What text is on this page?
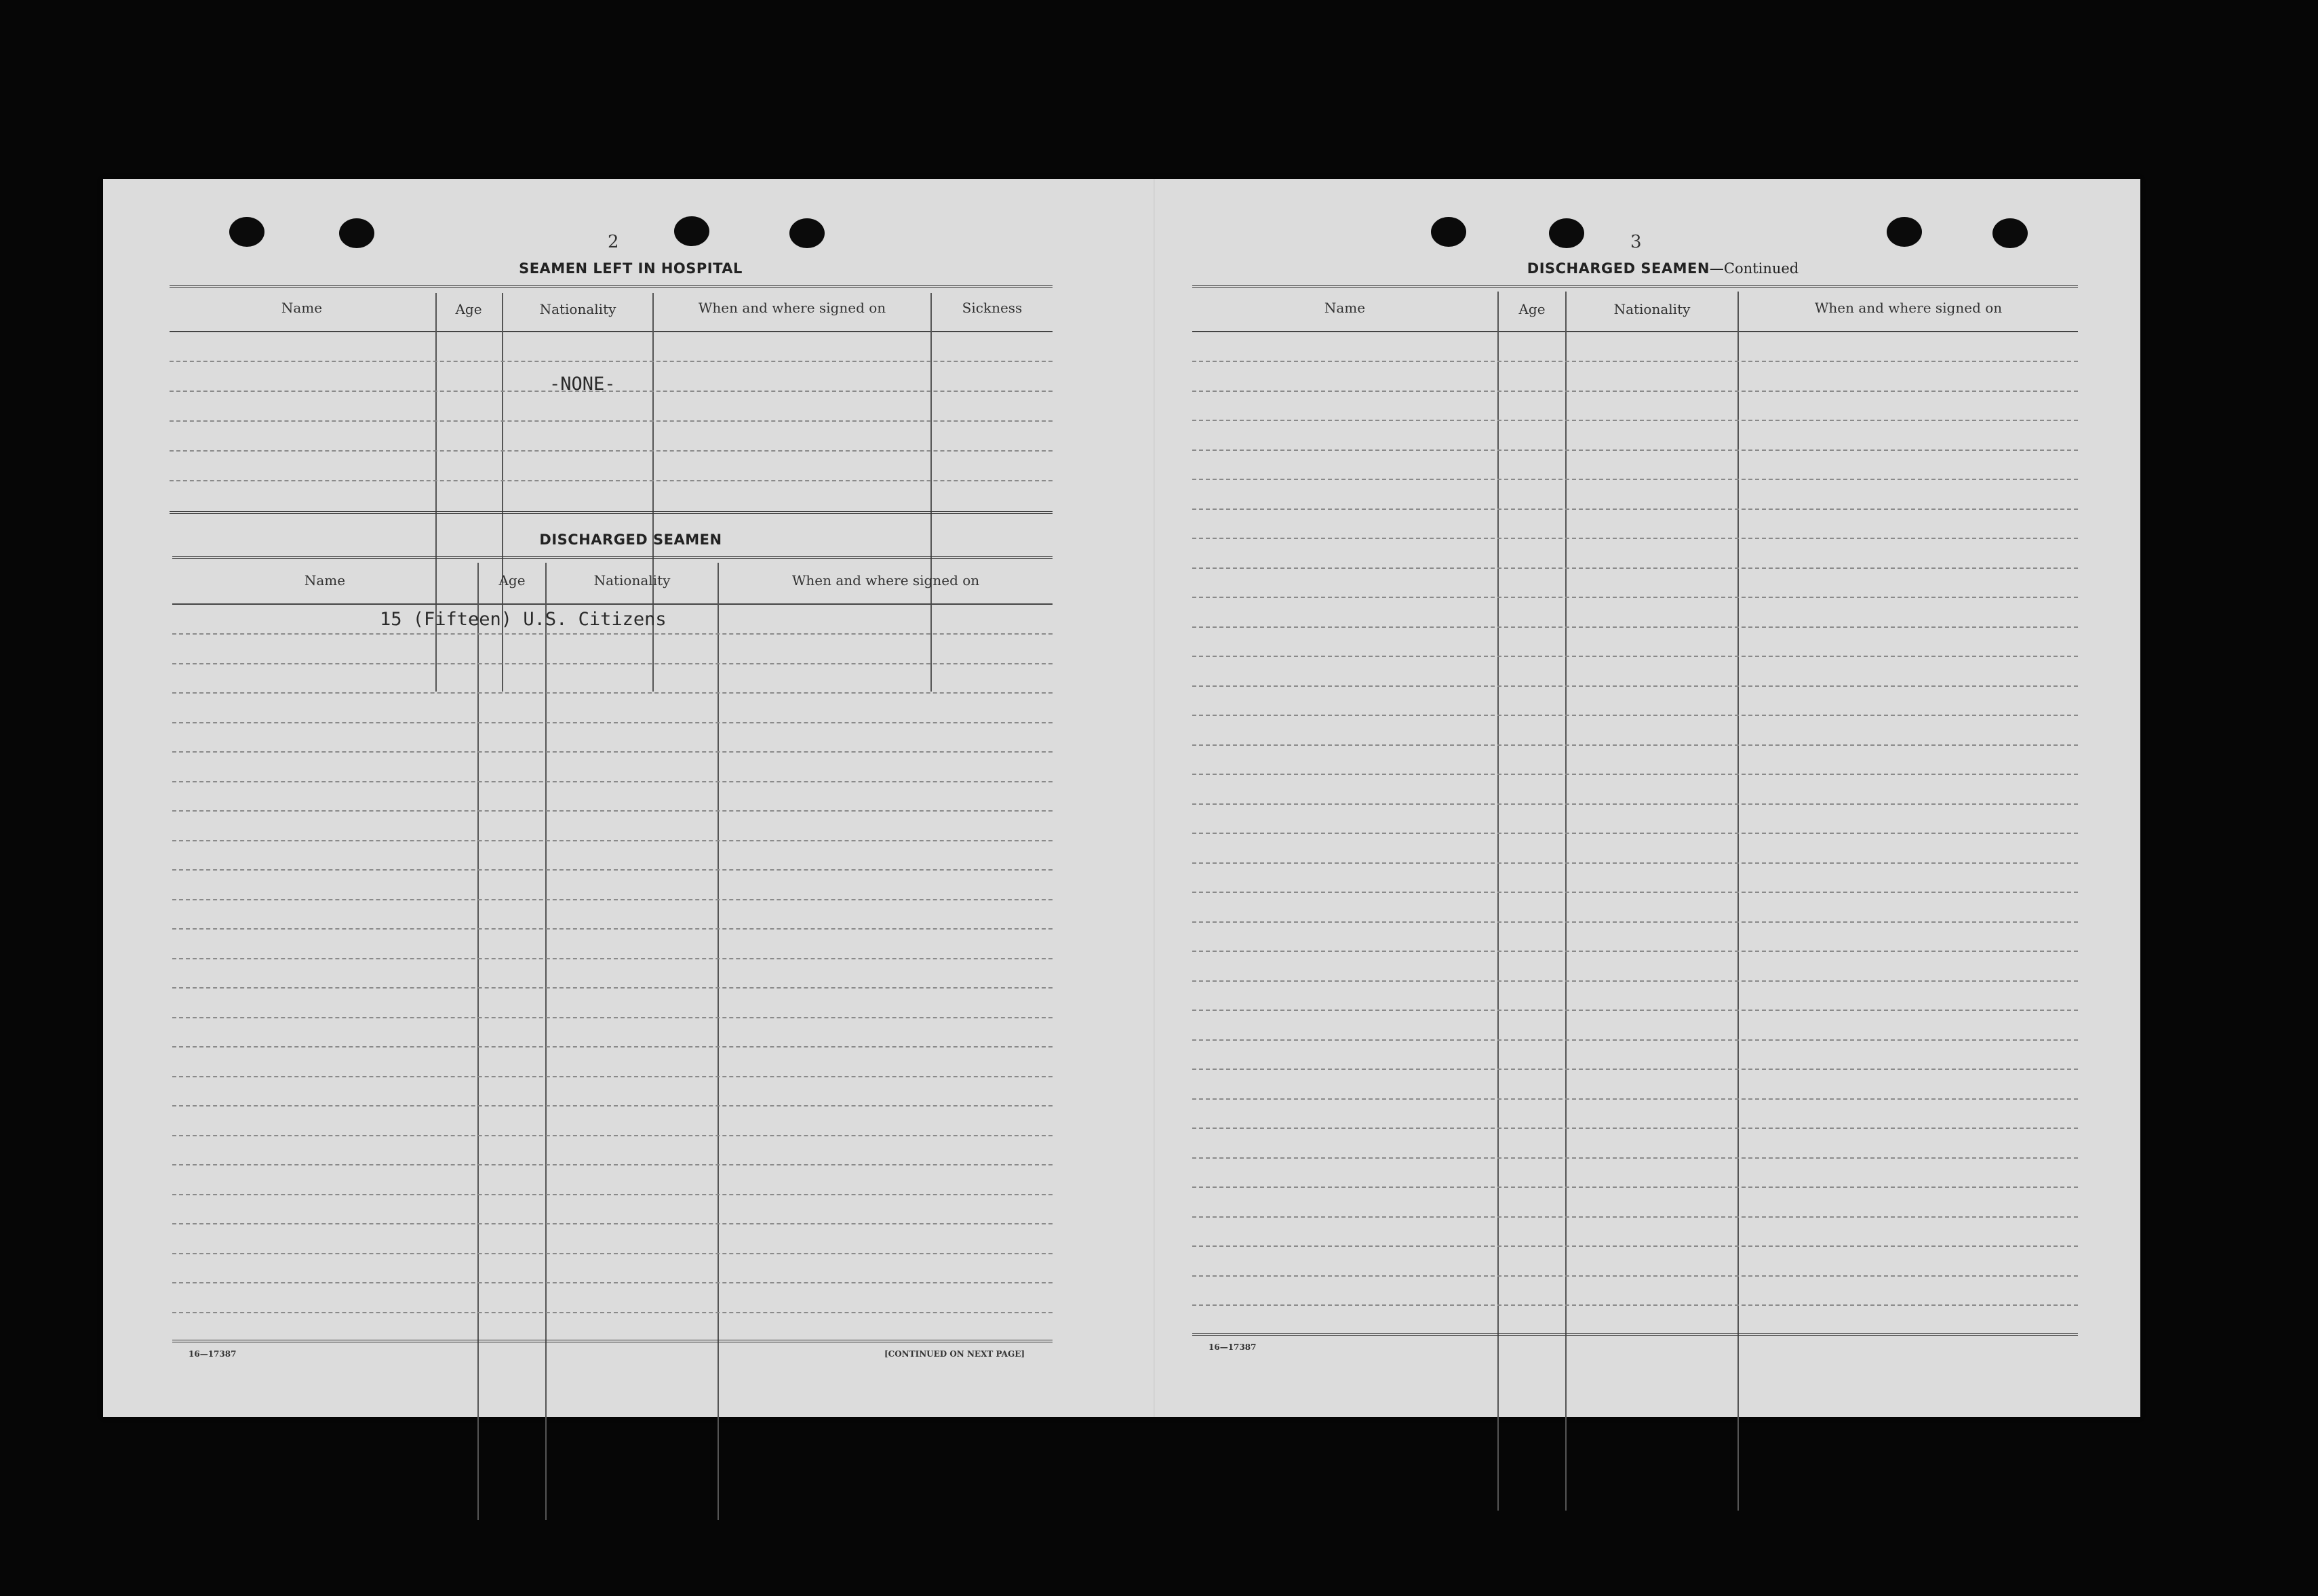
2
SEAMEN LEFT IN HOSPITAL
Name	Age	Nationality	When and where signed on	Sickness
-NONE-
DISCHARGED SEAMEN
Name	Age	Nationality	When and where signed on
15 (Fifteen) U.S. Citizens
16—17387	[CONTINUED ON NEXT PAGE]
3
DISCHARGED SEAMEN—Continued
Name	Age	Nationality	When and where signed on
16—17387
